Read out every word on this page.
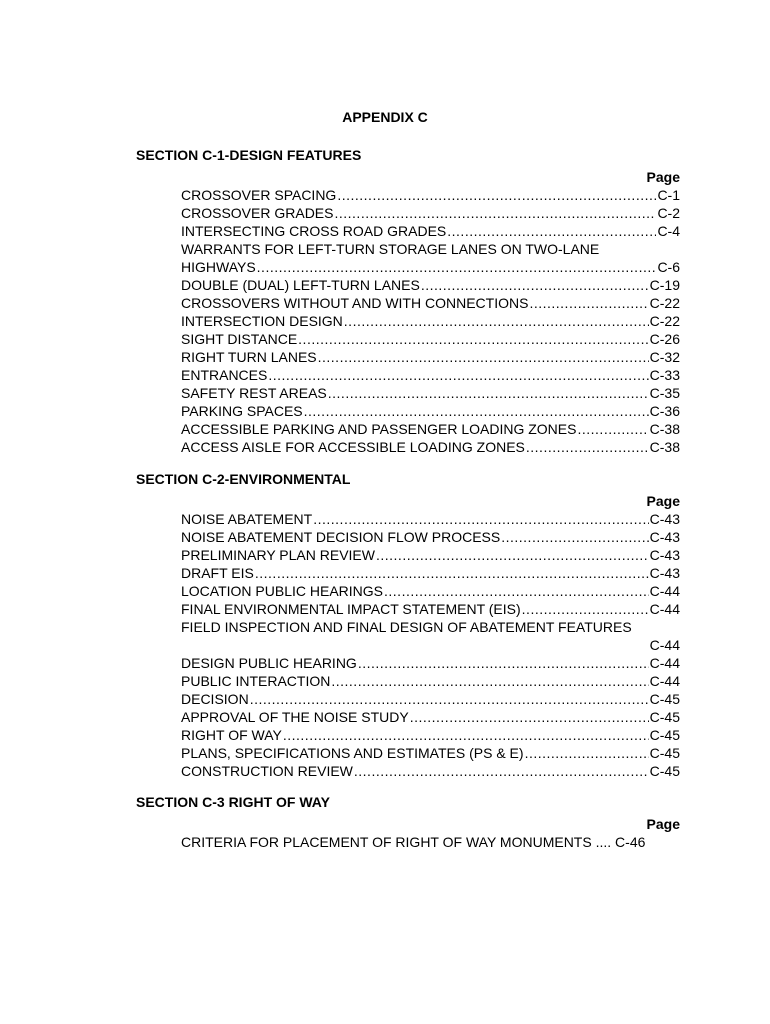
APPENDIX C
SECTION C-1-DESIGN FEATURES
Page
CROSSOVER SPACING .....	C-1
CROSSOVER GRADES .....	C-2
INTERSECTING CROSS ROAD GRADES .....	C-4
WARRANTS FOR LEFT-TURN STORAGE LANES ON TWO-LANE
HIGHWAYS .....	C-6
DOUBLE (DUAL) LEFT-TURN LANES .....	C-19
CROSSOVERS WITHOUT AND WITH CONNECTIONS .....	C-22
INTERSECTION DESIGN .....	C-22
SIGHT DISTANCE .....	C-26
RIGHT TURN LANES .....	C-32
ENTRANCES .....	C-33
SAFETY REST AREAS .....	C-35
PARKING SPACES .....	C-36
ACCESSIBLE PARKING AND PASSENGER LOADING ZONES .....	C-38
ACCESS AISLE FOR ACCESSIBLE LOADING ZONES .....	C-38
SECTION C-2-ENVIRONMENTAL
Page
NOISE ABATEMENT .....	C-43
NOISE ABATEMENT DECISION FLOW PROCESS .....	C-43
PRELIMINARY PLAN REVIEW .....	C-43
DRAFT EIS .....	C-43
LOCATION PUBLIC HEARINGS .....	C-44
FINAL ENVIRONMENTAL IMPACT STATEMENT (EIS) .....	C-44
FIELD INSPECTION AND FINAL DESIGN OF ABATEMENT FEATURES
C-44
DESIGN PUBLIC HEARING .....	C-44
PUBLIC INTERACTION .....	C-44
DECISION .....	C-45
APPROVAL OF THE NOISE STUDY .....	C-45
RIGHT OF WAY .....	C-45
PLANS, SPECIFICATIONS AND ESTIMATES (PS & E) .....	C-45
CONSTRUCTION REVIEW .....	C-45
SECTION C-3 RIGHT OF WAY
Page
CRITERIA FOR PLACEMENT OF RIGHT OF WAY MONUMENTS .... C-46
